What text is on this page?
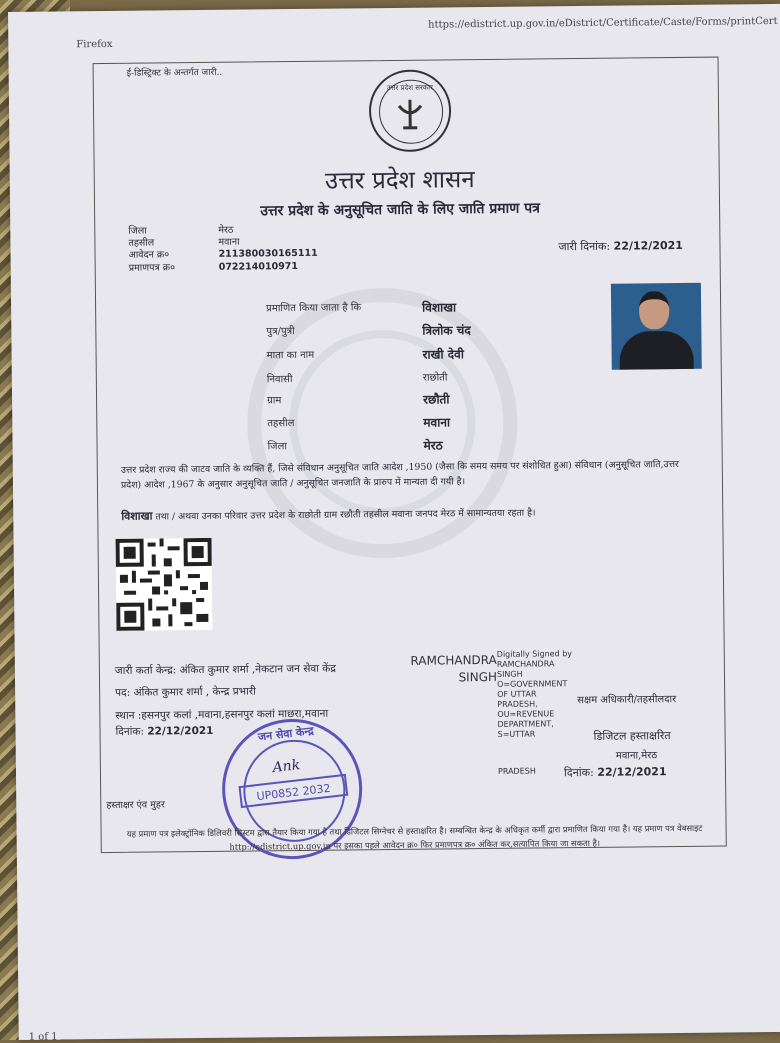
Firefox
https://edistrict.up.gov.in/eDistrict/Certificate/Caste/Forms/printCert
1 of 1
ई-डिस्ट्रिक्ट के अन्तर्गत जारी..
उत्तर प्रदेश सरकार
उत्तर प्रदेश शासन
उत्तर प्रदेश के अनुसूचित जाति के लिए जाति प्रमाण पत्र
जिला	मेरठ
तहसील	मवाना
आवेदन क्र०	211380030165111
प्रमाणपत्र क्र०	072214010971
जारी दिनांक: 22/12/2021
प्रमाणित किया जाता है कि	विशाखा
पुत्र/पुत्री	त्रिलोक चंद
माता का नाम	राखी देवी
निवासी	राछोती
ग्राम	रछौती
तहसील	मवाना
जिला	मेरठ
उत्तर प्रदेश राज्य की जाटव जाति के व्यक्ति हैं, जिसे संविधान अनुसूचित जाति आदेश ,1950 (जैसा कि समय समय पर संशोधित हुआ) संविधान (अनुसूचित जाति,उत्तर प्रदेश) आदेश ,1967 के अनुसार अनुसूचित जाति / अनुसूचित जनजाति के प्रारुप में मान्यता दी गयी है।
विशाखा तथा / अथवा उनका परिवार उत्तर प्रदेश के राछोती ग्राम रछौती तहसील मवाना जनपद मेरठ में सामान्यतया रहता है।
जारी कर्ता केन्द्र: अंकित कुमार शर्मा ,नेकटान जन सेवा केंद्र
पद: अंकित कुमार शर्मा , केन्द्र प्रभारी
स्थान :हसनपुर कलां ,मवाना,हसनपुर कलां माछरा,मवाना
दिनांक: 22/12/2021
RAMCHANDRA
SINGH
Digitally Signed by
RAMCHANDRA
SINGH
O=GOVERNMENT
OF UTTAR
PRADESH,
OU=REVENUE
DEPARTMENT,
S=UTTAR
PRADESH
सक्षम अधिकारी/तहसीलदार
डिजिटल हस्ताक्षरित
मवाना,मेरठ
दिनांक: 22/12/2021
जन सेवा केन्द्र
Ank
UP0852 2032
हस्ताक्षर एंव मुहर
यह प्रमाण पत्र इलेक्ट्रॉनिक डिलिवरी सिस्टम द्वारा तैयार किया गया है तथा डिजिटल सिग्नेचर से हस्ताक्षरित है। सम्बन्धित केन्द्र के अधिकृत कर्मी द्वारा प्रमाणित किया गया है। यह प्रमाण पत्र वेबसाइट http://edistrict.up.gov.in पर इसका पहले आवेदन क्र० फिर प्रमाणपत्र क्र० अंकित कर,सत्यापित किया जा सकता है।
